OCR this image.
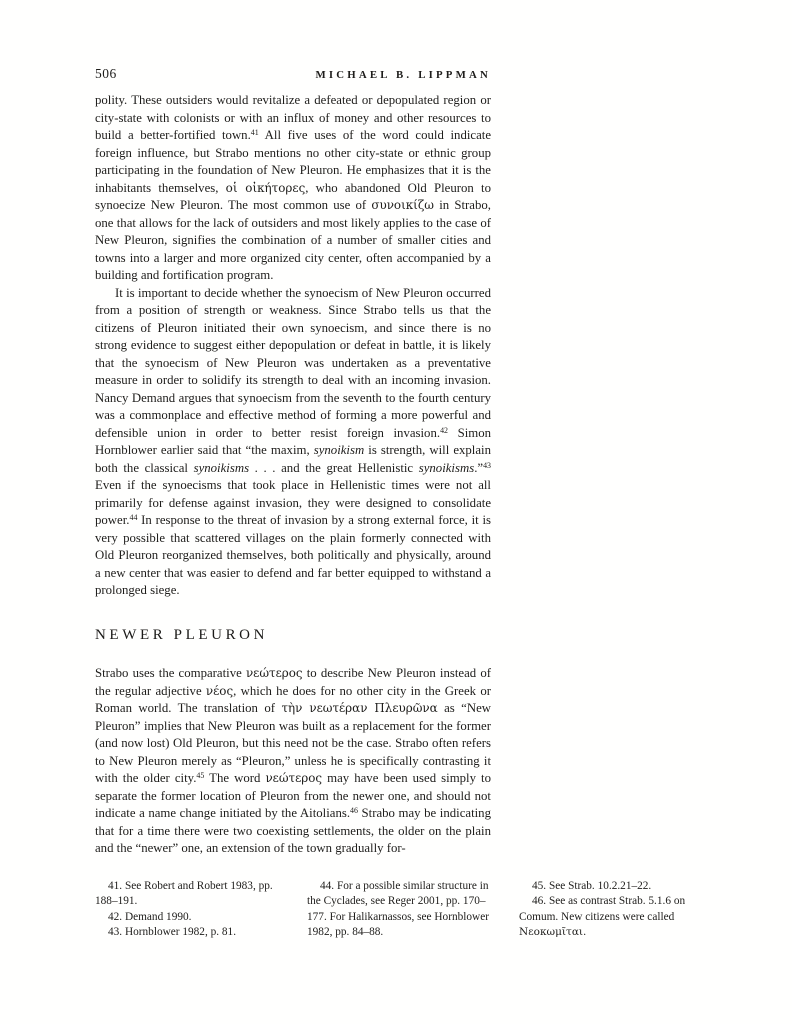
506	MICHAEL B. LIPPMAN

polity. These outsiders would revitalize a defeated or depopulated region or city-state with colonists or with an influx of money and other resources to build a better-fortified town.$^{41}$ All five uses of the word could indicate foreign influence, but Strabo mentions no other city-state or ethnic group participating in the foundation of New Pleuron. He emphasizes that it is the inhabitants themselves, οἱ οἰκήτορες, who abandoned Old Pleuron to synoecize New Pleuron. The most common use of συνοικίζω in Strabo, one that allows for the lack of outsiders and most likely applies to the case of New Pleuron, signifies the combination of a number of smaller cities and towns into a larger and more organized city center, often accompanied by a building and fortification program.

It is important to decide whether the synoecism of New Pleuron occurred from a position of strength or weakness. Since Strabo tells us that the citizens of Pleuron initiated their own synoecism, and since there is no strong evidence to suggest either depopulation or defeat in battle, it is likely that the synoecism of New Pleuron was undertaken as a preventative measure in order to solidify its strength to deal with an incoming invasion. Nancy Demand argues that synoecism from the seventh to the fourth century was a commonplace and effective method of forming a more powerful and defensible union in order to better resist foreign invasion.$^{42}$ Simon Hornblower earlier said that “the maxim, synoikism is strength, will explain both the classical synoikisms . . . and the great Hellenistic synoikisms.”$^{43}$ Even if the synoecisms that took place in Hellenistic times were not all primarily for defense against invasion, they were designed to consolidate power.$^{44}$ In response to the threat of invasion by a strong external force, it is very possible that scattered villages on the plain formerly connected with Old Pleuron reorganized themselves, both politically and physically, around a new center that was easier to defend and far better equipped to withstand a prolonged siege.

NEWER PLEURON

Strabo uses the comparative νεώτερος to describe New Pleuron instead of the regular adjective νέος, which he does for no other city in the Greek or Roman world. The translation of τὴν νεωτέραν Πλευρῶνα as “New Pleuron” implies that New Pleuron was built as a replacement for the former (and now lost) Old Pleuron, but this need not be the case. Strabo often refers to New Pleuron merely as “Pleuron,” unless he is specifically contrasting it with the older city.$^{45}$ The word νεώτερος may have been used simply to separate the former location of Pleuron from the newer one, and should not indicate a name change initiated by the Aitolians.$^{46}$ Strabo may be indicating that for a time there were two coexisting settlements, the older on the plain and the “newer” one, an extension of the town gradually for-

41. See Robert and Robert 1983, pp. 188–191.

42. Demand 1990.

43. Hornblower 1982, p. 81.

44. For a possible similar structure in the Cyclades, see Reger 2001, pp. 170–177. For Halikarnassos, see Hornblower 1982, pp. 84–88.

45. See Strab. 10.2.21–22.

46. See as contrast Strab. 5.1.6 on Comum. New citizens were called Νεοκωμῖται.
